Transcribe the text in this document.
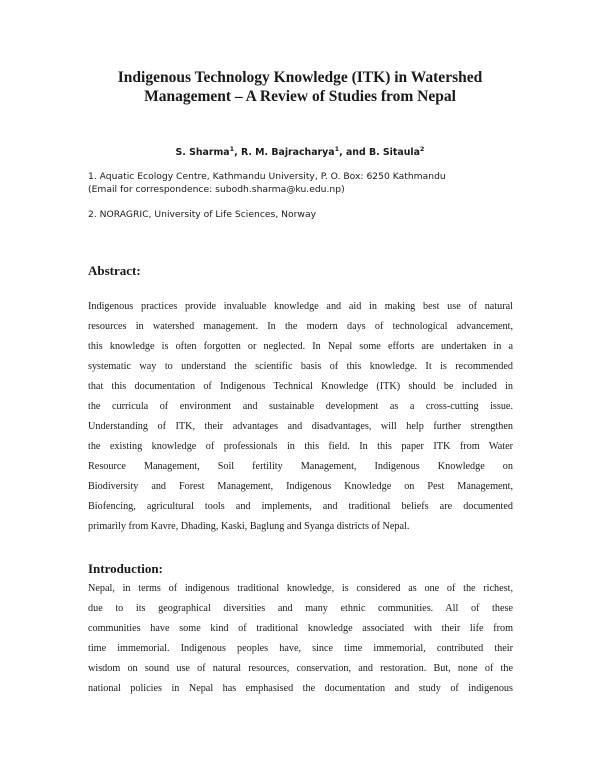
Indigenous Technology Knowledge (ITK) in Watershed
Management – A Review of Studies from Nepal
S. Sharma$^1$, R. M. Bajracharya$^1$, and B. Sitaula$^2$
1. Aquatic Ecology Centre, Kathmandu University, P. O. Box: 6250 Kathmandu
(Email for correspondence: subodh.sharma@ku.edu.np)
2. NORAGRIC, University of Life Sciences, Norway
Abstract:

Indigenous practices provide invaluable knowledge and aid in making best use of natural
resources in watershed management. In the modern days of technological advancement,
this knowledge is often forgotten or neglected. In Nepal some efforts are undertaken in a
systematic way to understand the scientific basis of this knowledge. It is recommended
that this documentation of Indigenous Technical Knowledge (ITK) should be included in
the curricula of environment and sustainable development as a cross-cutting issue.
Understanding of ITK, their advantages and disadvantages, will help further strengthen
the existing knowledge of professionals in this field. In this paper ITK from Water
Resource Management, Soil fertility Management, Indigenous Knowledge on
Biodiversity and Forest Management, Indigenous Knowledge on Pest Management,
Biofencing, agricultural tools and implements, and traditional beliefs are documented
primarily from Kavre, Dhading, Kaski, Baglung and Syanga districts of Nepal.

Introduction:

Nepal, in terms of indigenous traditional knowledge, is considered as one of the richest,
due to its geographical diversities and many ethnic communities. All of these
communities have some kind of traditional knowledge associated with their life from
time immemorial. Indigenous peoples have, since time immemorial, contributed their
wisdom on sound use of natural resources, conservation, and restoration. But, none of the
national policies in Nepal has emphasised the documentation and study of indigenous
